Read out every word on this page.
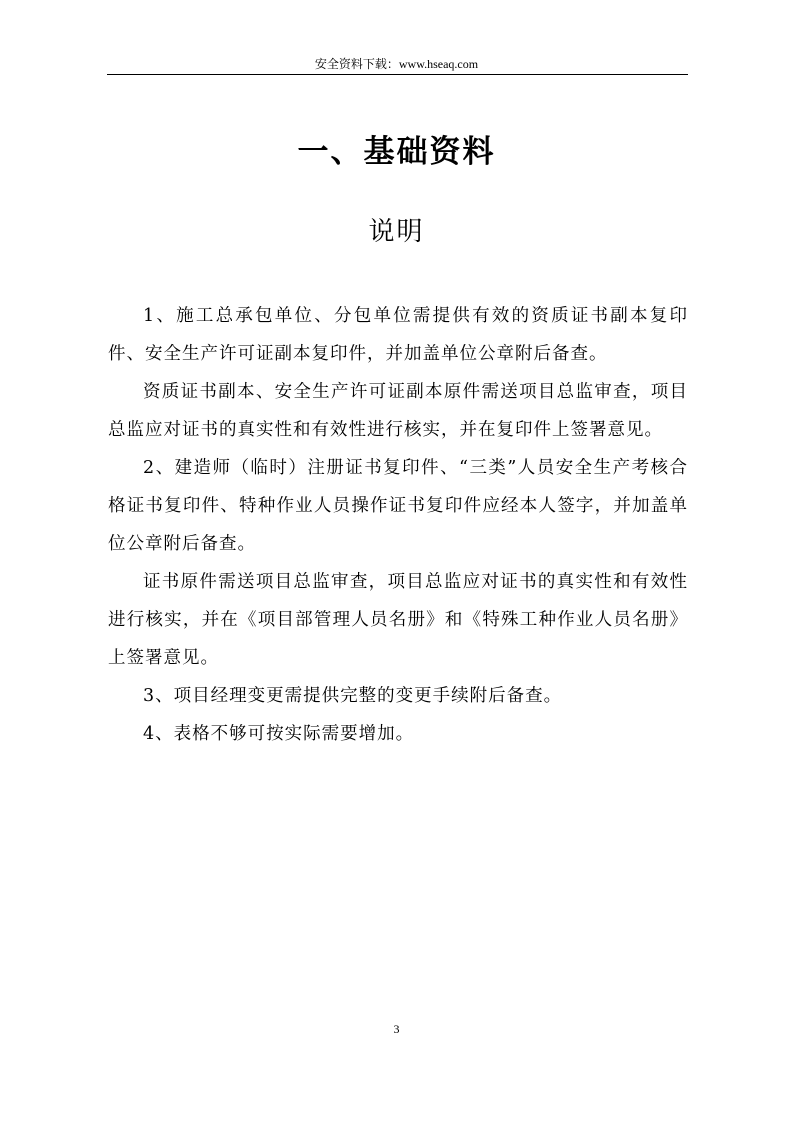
安全资料下载：www.hseaq.com
一、基础资料
说明

1、施工总承包单位、分包单位需提供有效的资质证书副本复印件、安全生产许可证副本复印件，并加盖单位公章附后备查。

资质证书副本、安全生产许可证副本原件需送项目总监审查，项目总监应对证书的真实性和有效性进行核实，并在复印件上签署意见。

2、建造师（临时）注册证书复印件、“三类”人员安全生产考核合格证书复印件、特种作业人员操作证书复印件应经本人签字，并加盖单位公章附后备查。

证书原件需送项目总监审查，项目总监应对证书的真实性和有效性进行核实，并在《项目部管理人员名册》和《特殊工种作业人员名册》上签署意见。

3、项目经理变更需提供完整的变更手续附后备查。

4、表格不够可按实际需要增加。

3
